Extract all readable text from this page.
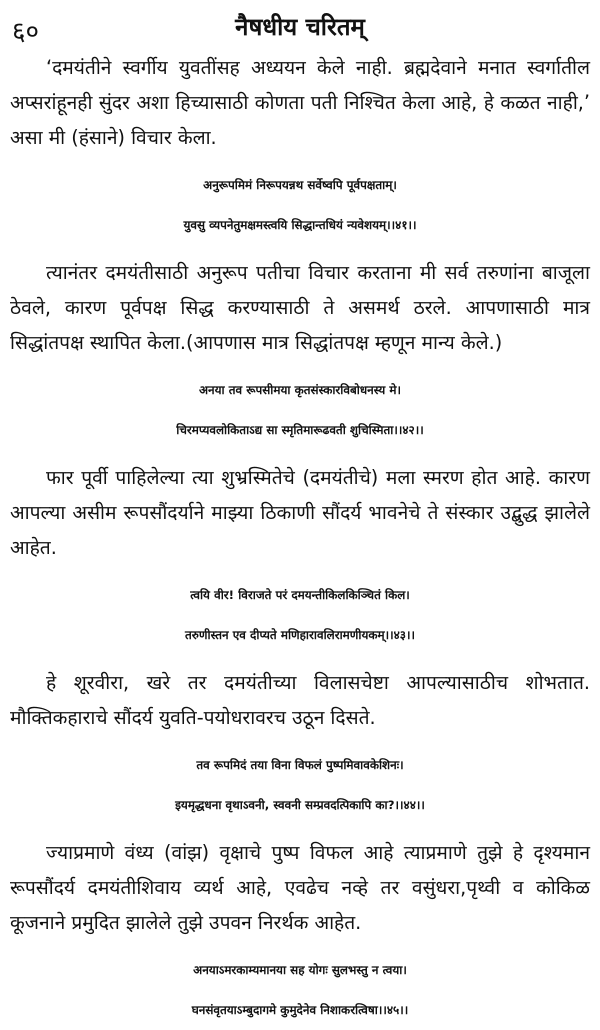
६०	नैषधीय चरितम्

‘दमयंतीने स्वर्गीय युवतींसह अध्ययन केले नाही. ब्रह्मदेवाने मनात स्वर्गातील अप्सरांहूनही सुंदर अशा हिच्यासाठी कोणता पती निश्चित केला आहे, हे कळत नाही,’ असा मी (हंसाने) विचार केला.

अनुरूपमिमं निरूपयन्नथ सर्वेष्वपि पूर्वपक्षताम्।
युवसु व्यपनेतुमक्षमस्त्वयि सिद्धान्तधियं न्यवेशयम्।।४१।।

त्यानंतर दमयंतीसाठी अनुरूप पतीचा विचार करताना मी सर्व तरुणांना बाजूला ठेवले, कारण पूर्वपक्ष सिद्ध करण्यासाठी ते असमर्थ ठरले. आपणासाठी मात्र सिद्धांतपक्ष स्थापित केला.(आपणास मात्र सिद्धांतपक्ष म्हणून मान्य केले.)

अनया तव रूपसीमया कृतसंस्कारविबोधनस्य मे।
चिरमप्यवलोकिताऽद्य सा स्मृतिमारूढवती शुचिस्मिता।।४२।।

फार पूर्वी पाहिलेल्या त्या शुभ्रस्मितेचे (दमयंतीचे) मला स्मरण होत आहे. कारण आपल्या असीम रूपसौंदर्याने माझ्या ठिकाणी सौंदर्य भावनेचे ते संस्कार उद्बुद्ध झालेले आहेत.

त्वयि वीर! विराजते परं दमयन्तीकिलकिञ्चितं किल।
तरुणीस्तन एव दीप्यते मणिहारावलिरामणीयकम्।।४३।।

हे शूरवीरा, खरे तर दमयंतीच्या विलासचेष्टा आपल्यासाठीच शोभतात. मौक्तिकहाराचे सौंदर्य युवति-पयोधरावरच उठून दिसते.

तव रूपमिदं तया विना विफलं पुष्पमिवावकेशिनः।
इयमृद्धधना वृथाऽवनी, स्ववनी सम्प्रवदत्पिकापि का?।।४४।।

ज्याप्रमाणे वंध्य (वांझ) वृक्षाचे पुष्प विफल आहे त्याप्रमाणे तुझे हे दृश्यमान रूपसौंदर्य दमयंतीशिवाय व्यर्थ आहे, एवढेच नव्हे तर वसुंधरा,पृथ्वी व कोकिळ कूजनाने प्रमुदित झालेले तुझे उपवन निरर्थक आहेत.

अनयाऽमरकाम्यमानया सह योगः सुलभस्तु न त्वया।
घनसंवृतयाऽम्बुदागमे कुमुदेनेव निशाकरत्विषा।।४५।।
